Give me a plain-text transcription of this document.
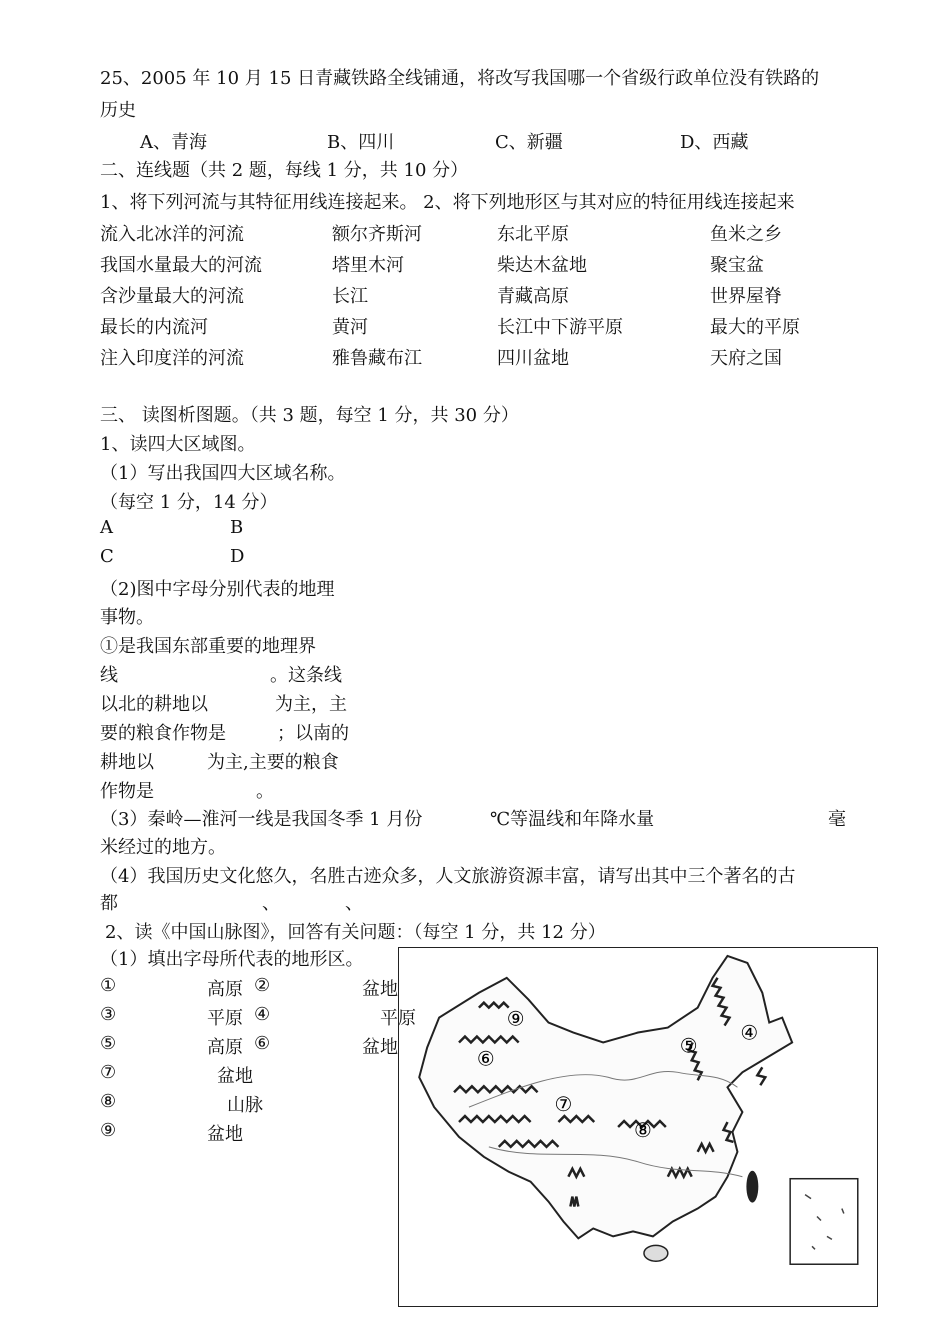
25、2005 年 10 月 15 日青藏铁路全线铺通，将改写我国哪一个省级行政单位没有铁路的
历史
A、青海	B、四川	C、新疆	D、西藏
二、连线题（共 2 题，每线 1 分，共 10 分）
1、将下列河流与其特征用线连接起来。 2、将下列地形区与其对应的特征用线连接起来
流入北冰洋的河流	额尔齐斯河	东北平原	鱼米之乡
我国水量最大的河流	塔里木河	柴达木盆地	聚宝盆
含沙量最大的河流	长江	青藏高原	世界屋脊
最长的内流河	黄河	长江中下游平原	最大的平原
注入印度洋的河流	雅鲁藏布江	四川盆地	天府之国
三、 读图析图题。（共 3 题，每空 1 分，共 30 分）
1、读四大区域图。
（1）写出我国四大区域名称。
（每空 1 分，14 分）
A	B
C	D
（2)图中字母分别代表的地理
事物。
①是我国东部重要的地理界
线	。这条线
以北的耕地以	为主，主
要的粮食作物是	；以南的
耕地以	为主,主要的粮食
作物是	。
（3）秦岭—淮河一线是我国冬季 1 月份	℃等温线和年降水量	毫
米经过的地方。
（4）我国历史文化悠久，名胜古迹众多，人文旅游资源丰富，请写出其中三个著名的古
都	、	、
2、读《中国山脉图》，回答有关问题：（每空 1 分，共 12 分）
（1）填出字母所代表的地形区。
①	高原 ②	盆地
③	平原 ④	平原
⑤	高原 ⑥	盆地
⑦	盆地
⑧	山脉
⑨	盆地
⑨
⑥
⑤
④
⑦
⑧
